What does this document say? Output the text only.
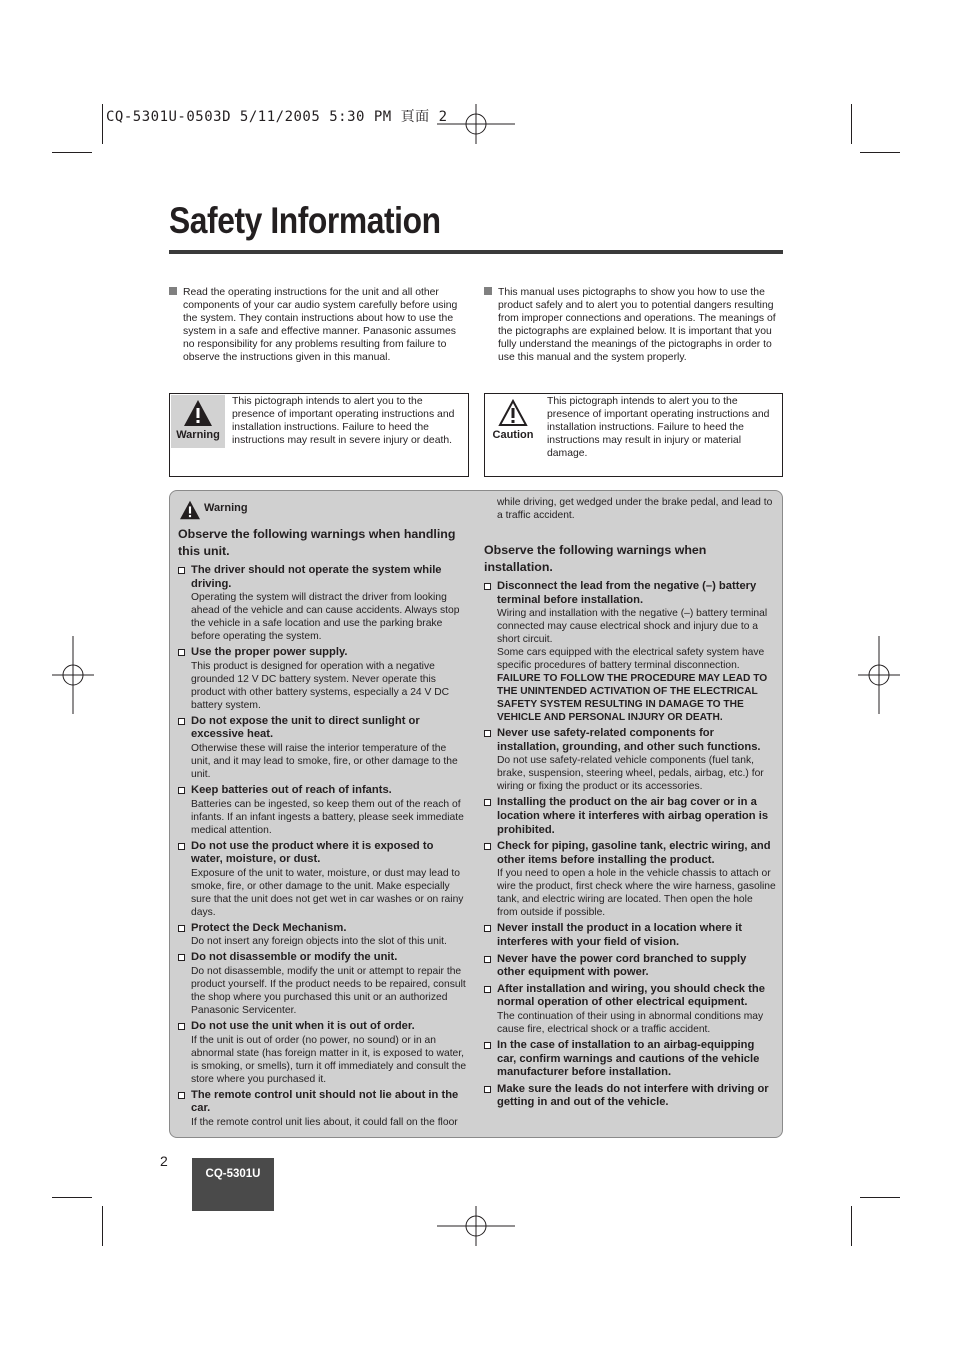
CQ-5301U-0503D 5/11/2005 5:30 PM 頁面 2
Safety Information
Read the operating instructions for the unit and all other components of your car audio system carefully before using the system. They contain instructions about how to use the system in a safe and effective manner. Panasonic assumes no responsibility for any problems resulting from failure to observe the instructions given in this manual.
This manual uses pictographs to show you how to use the product safely and to alert you to potential dangers resulting from improper connections and operations. The meanings of the pictographs are explained below. It is important that you fully understand the meanings of the pictographs in order to use this manual and the system properly.
Warning
This pictograph intends to alert you to the presence of important operating instructions and installation instructions. Failure to heed the instructions may result in severe injury or death.	Caution
This pictograph intends to alert you to the presence of important operating instructions and installation instructions. Failure to heed the instructions may result in injury or material damage.
Warning
Observe the following warnings when handling this unit.
The driver should not operate the system while driving.
Operating the system will distract the driver from looking ahead of the vehicle and can cause accidents. Always stop the vehicle in a safe location and use the parking brake before operating the system.
Use the proper power supply.
This product is designed for operation with a negative grounded 12 V DC battery system. Never operate this product with other battery systems, especially a 24 V DC battery system.
Do not expose the unit to direct sunlight or excessive heat.
Otherwise these will raise the interior temperature of the unit, and it may lead to smoke, fire, or other damage to the unit.
Keep batteries out of reach of infants.
Batteries can be ingested, so keep them out of the reach of infants. If an infant ingests a battery, please seek immediate medical attention.
Do not use the product where it is exposed to water, moisture, or dust.
Exposure of the unit to water, moisture, or dust may lead to smoke, fire, or other damage to the unit. Make especially sure that the unit does not get wet in car washes or on rainy days.
Protect the Deck Mechanism.
Do not insert any foreign objects into the slot of this unit.
Do not disassemble or modify the unit.
Do not disassemble, modify the unit or attempt to repair the product yourself. If the product needs to be repaired, consult the shop where you purchased this unit or an authorized Panasonic Servicenter.
Do not use the unit when it is out of order.
If the unit is out of order (no power, no sound) or in an abnormal state (has foreign matter in it, is exposed to water, is smoking, or smells), turn it off immediately and consult the store where you purchased it.
The remote control unit should not lie about in the car.
If the remote control unit lies about, it could fall on the floor
while driving, get wedged under the brake pedal, and lead to a traffic accident.
Observe the following warnings when installation.
Disconnect the lead from the negative (–) battery terminal before installation.
Wiring and installation with the negative (–) battery terminal connected may cause electrical shock and injury due to a short circuit.
Some cars equipped with the electrical safety system have specific procedures of battery terminal disconnection.
FAILURE TO FOLLOW THE PROCEDURE MAY LEAD TO THE UNINTENDED ACTIVATION OF THE ELECTRICAL SAFETY SYSTEM RESULTING IN DAMAGE TO THE VEHICLE AND PERSONAL INJURY OR DEATH.
Never use safety-related components for installation, grounding, and other such functions.
Do not use safety-related vehicle components (fuel tank, brake, suspension, steering wheel, pedals, airbag, etc.) for wiring or fixing the product or its accessories.
Installing the product on the air bag cover or in a location where it interferes with airbag operation is prohibited.
Check for piping, gasoline tank, electric wiring, and other items before installing the product.
If you need to open a hole in the vehicle chassis to attach or wire the product, first check where the wire harness, gasoline tank, and electric wiring are located. Then open the hole from outside if possible.
Never install the product in a location where it interferes with your field of vision.
Never have the power cord branched to supply other equipment with power.
After installation and wiring, you should check the normal operation of other electrical equipment.
The continuation of their using in abnormal conditions may cause fire, electrical shock or a traffic accident.
In the case of installation to an airbag-equipping car, confirm warnings and cautions of the vehicle manufacturer before installation.
Make sure the leads do not interfere with driving or getting in and out of the vehicle.
2
CQ-5301U
